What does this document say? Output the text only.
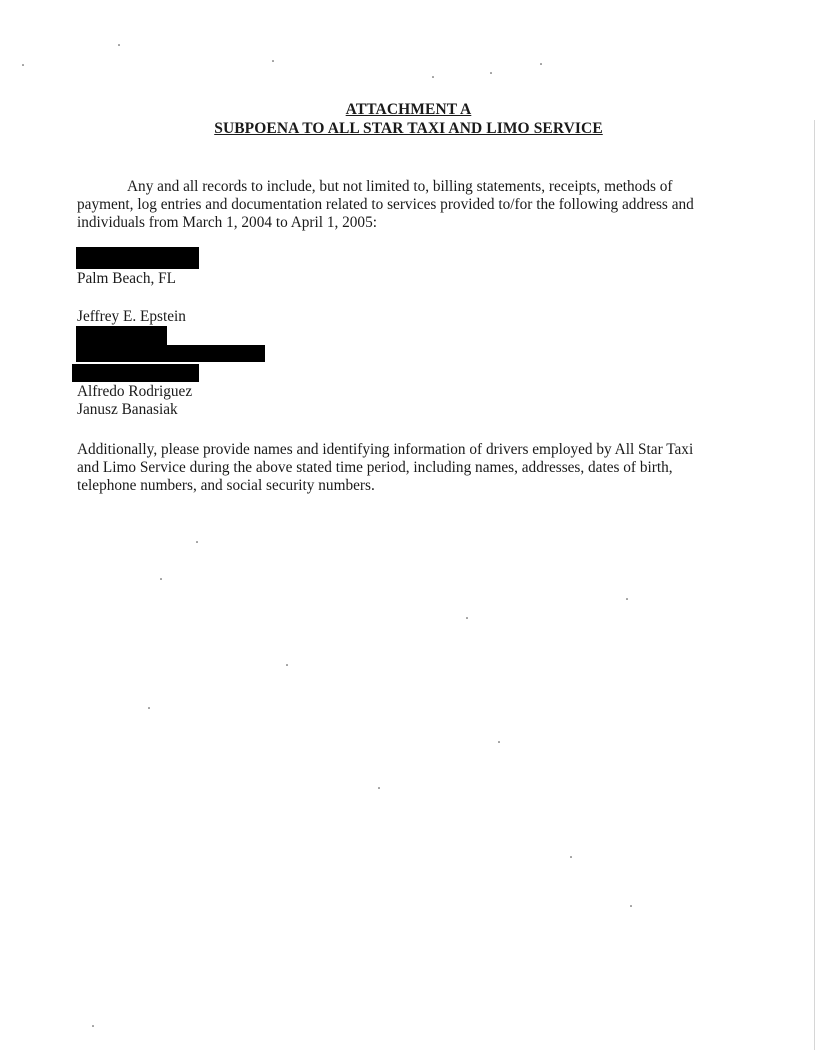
ATTACHMENT A
SUBPOENA TO ALL STAR TAXI AND LIMO SERVICE

Any and all records to include, but not limited to, billing statements, receipts, methods of payment, log entries and documentation related to services provided to/for the following address and individuals from March 1, 2004 to April 1, 2005:

Palm Beach, FL
Jeffrey E. Epstein
Alfredo Rodriguez
Janusz Banasiak

Additionally, please provide names and identifying information of drivers employed by All Star Taxi and Limo Service during the above stated time period, including names, addresses, dates of birth, telephone numbers, and social security numbers.
